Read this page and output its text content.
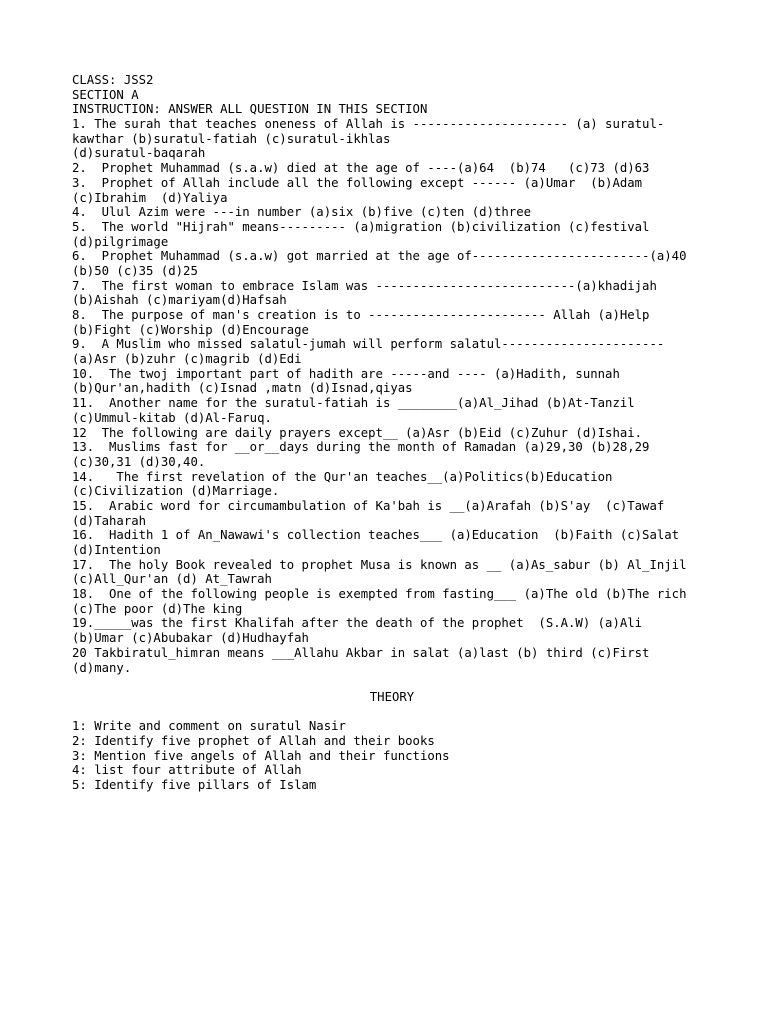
CLASS: JSS2
SECTION A
INSTRUCTION: ANSWER ALL QUESTION IN THIS SECTION
1. The surah that teaches oneness of Allah is --------------------- (a) suratul-
kawthar (b)suratul-fatiah (c)suratul-ikhlas
(d)suratul-baqarah
2.  Prophet Muhammad (s.a.w) died at the age of ----(a)64  (b)74   (c)73 (d)63
3.  Prophet of Allah include all the following except ------ (a)Umar  (b)Adam
(c)Ibrahim  (d)Yaliya
4.  Ulul Azim were ---in number (a)six (b)five (c)ten (d)three
5.  The world "Hijrah" means--------- (a)migration (b)civilization (c)festival
(d)pilgrimage
6.  Prophet Muhammad (s.a.w) got married at the age of------------------------(a)40
(b)50 (c)35 (d)25
7.  The first woman to embrace Islam was ---------------------------(a)khadijah
(b)Aishah (c)mariyam(d)Hafsah
8.  The purpose of man's creation is to ------------------------ Allah (a)Help
(b)Fight (c)Worship (d)Encourage
9.  A Muslim who missed salatul-jumah will perform salatul----------------------
(a)Asr (b)zuhr (c)magrib (d)Edi
10.  The twoj important part of hadith are -----and ---- (a)Hadith, sunnah
(b)Qur'an,hadith (c)Isnad ,matn (d)Isnad,qiyas
11.  Another name for the suratul-fatiah is ________(a)Al_Jihad (b)At-Tanzil
(c)Ummul-kitab (d)Al-Faruq.
12  The following are daily prayers except__ (a)Asr (b)Eid (c)Zuhur (d)Ishai.
13.  Muslims fast for __or__days during the month of Ramadan (a)29,30 (b)28,29
(c)30,31 (d)30,40.
14.   The first revelation of the Qur'an teaches__(a)Politics(b)Education
(c)Civilization (d)Marriage.
15.  Arabic word for circumambulation of Ka'bah is __(a)Arafah (b)S'ay  (c)Tawaf
(d)Taharah
16.  Hadith 1 of An_Nawawi's collection teaches___ (a)Education  (b)Faith (c)Salat
(d)Intention
17.  The holy Book revealed to prophet Musa is known as __ (a)As_sabur (b) Al_Injil
(c)All_Qur'an (d) At_Tawrah
18.  One of the following people is exempted from fasting___ (a)The old (b)The rich
(c)The poor (d)The king
19._____was the first Khalifah after the death of the prophet  (S.A.W) (a)Ali
(b)Umar (c)Abubakar (d)Hudhayfah
20 Takbiratul_himran means ___Allahu Akbar in salat (a)last (b) third (c)First
(d)many.
THEORY
1: Write and comment on suratul Nasir
2: Identify five prophet of Allah and their books
3: Mention five angels of Allah and their functions
4: list four attribute of Allah
5: Identify five pillars of Islam
